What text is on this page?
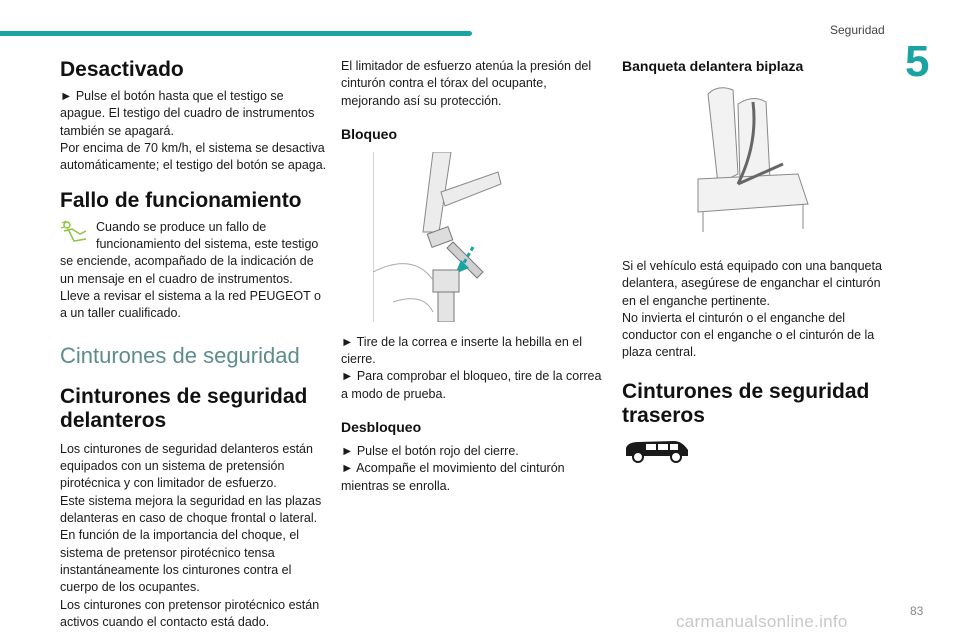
Seguridad
5
Desactivado

► Pulse el botón hasta que el testigo se apague. El testigo del cuadro de instrumentos también se apagará.

Por encima de 70 km/h, el sistema se desactiva automáticamente; el testigo del botón se apaga.

Fallo de funcionamiento

Cuando se produce un fallo de funcionamiento del sistema, este testigo se enciende, acompañado de la indicación de un mensaje en el cuadro de instrumentos.

Lleve a revisar el sistema a la red PEUGEOT o a un taller cualificado.

Cinturones de seguridad
Cinturones de seguridad delanteros

Los cinturones de seguridad delanteros están equipados con un sistema de pretensión pirotécnica y con limitador de esfuerzo.

Este sistema mejora la seguridad en las plazas delanteras en caso de choque frontal o lateral. En función de la importancia del choque, el sistema de pretensor pirotécnico tensa instantáneamente los cinturones contra el cuerpo de los ocupantes.

Los cinturones con pretensor pirotécnico están activos cuando el contacto está dado.

El limitador de esfuerzo atenúa la presión del cinturón contra el tórax del ocupante, mejorando así su protección.

Bloqueo

► Tire de la correa e inserte la hebilla en el cierre.

► Para comprobar el bloqueo, tire de la correa a modo de prueba.

Desbloqueo

► Pulse el botón rojo del cierre.

► Acompañe el movimiento del cinturón mientras se enrolla.

Banqueta delantera biplaza

Si el vehículo está equipado con una banqueta delantera, asegúrese de enganchar el cinturón en el enganche pertinente.

No invierta el cinturón o el enganche del conductor con el enganche o el cinturón de la plaza central.

Cinturones de seguridad traseros
83
carmanualsonline.info
